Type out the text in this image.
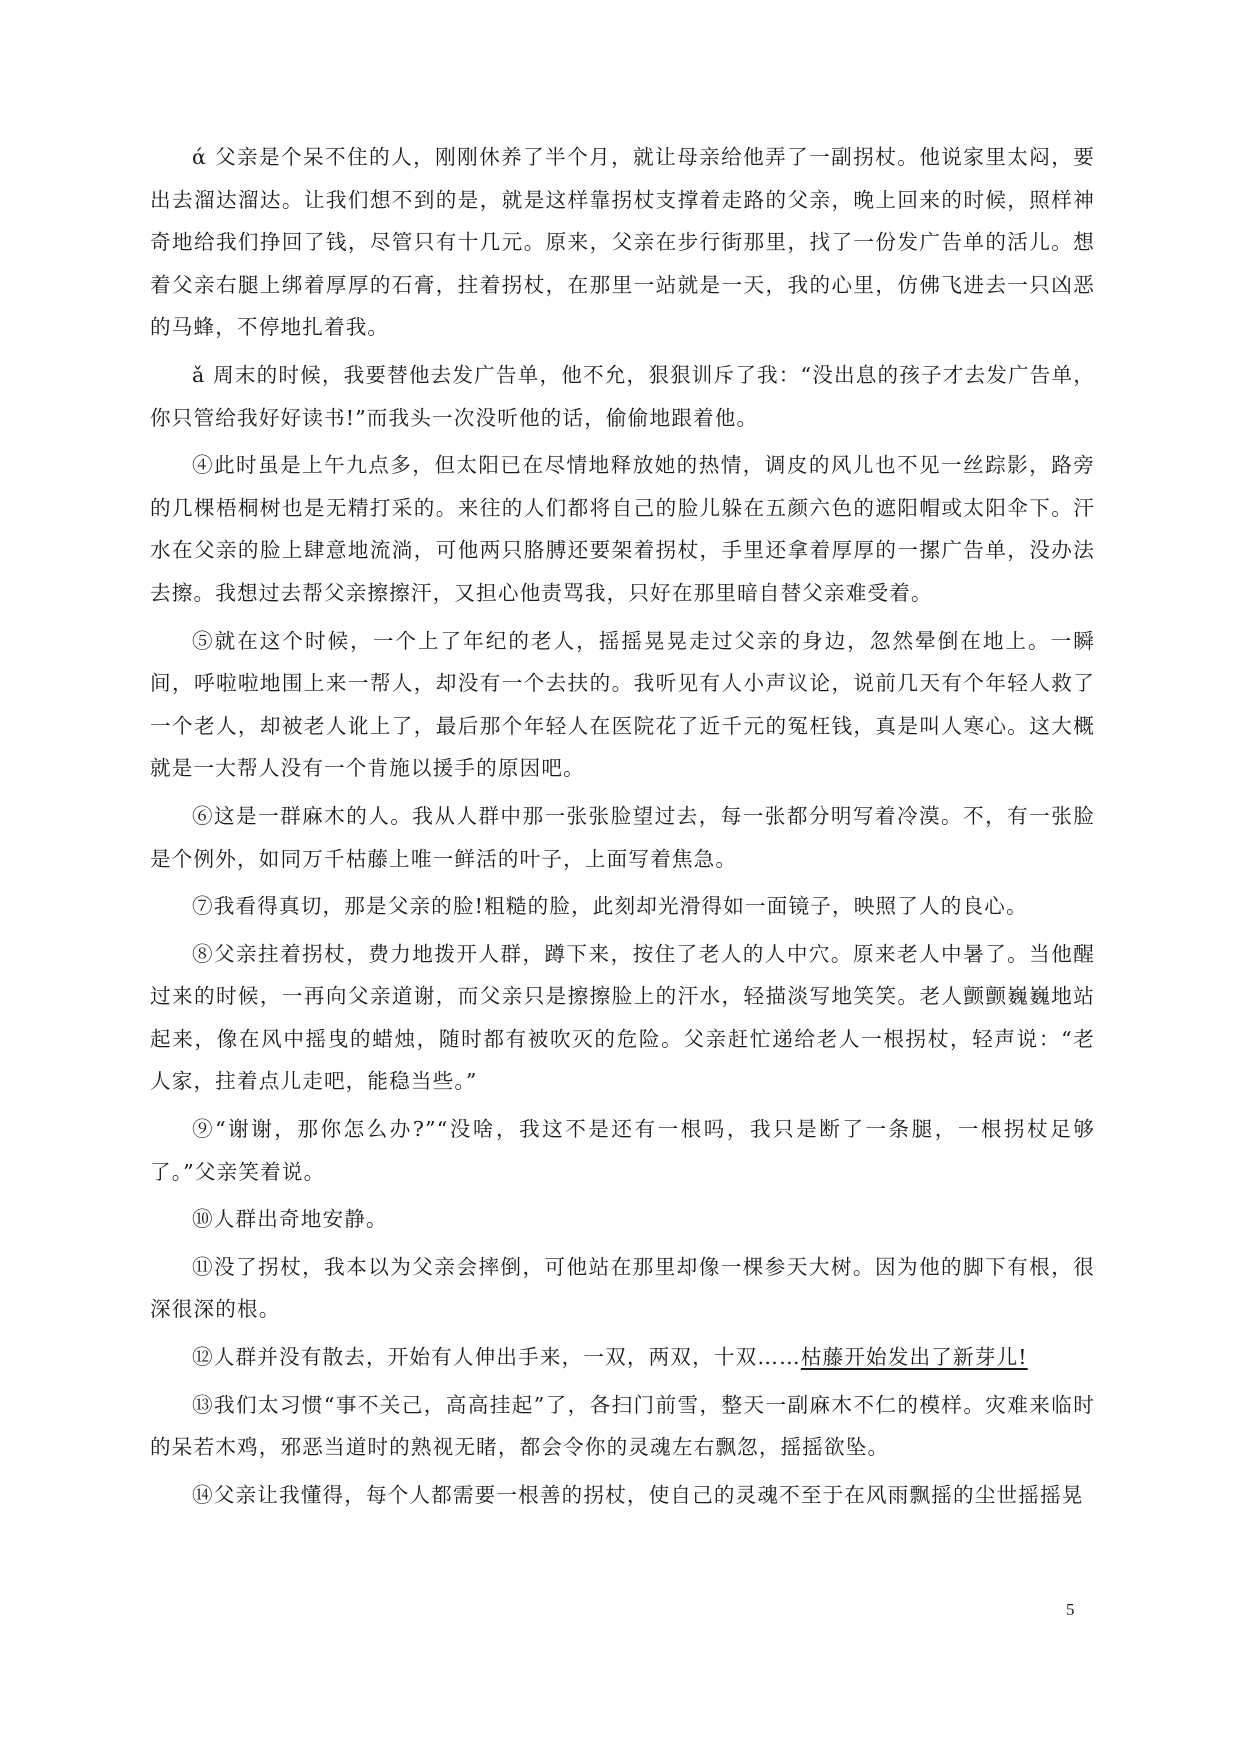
ά 父亲是个呆不住的人，刚刚休养了半个月，就让母亲给他弄了一副拐杖。他说家里太闷，要出去溜达溜达。让我们想不到的是，就是这样靠拐杖支撑着走路的父亲，晚上回来的时候，照样神奇地给我们挣回了钱，尽管只有十几元。原来，父亲在步行街那里，找了一份发广告单的活儿。想着父亲右腿上绑着厚厚的石膏，拄着拐杖，在那里一站就是一天，我的心里，仿佛飞进去一只凶恶的马蜂，不停地扎着我。

ǎ 周末的时候，我要替他去发广告单，他不允，狠狠训斥了我：“没出息的孩子才去发广告单，你只管给我好好读书!”而我头一次没听他的话，偷偷地跟着他。

④此时虽是上午九点多，但太阳已在尽情地释放她的热情，调皮的风儿也不见一丝踪影，路旁的几棵梧桐树也是无精打采的。来往的人们都将自己的脸儿躲在五颜六色的遮阳帽或太阳伞下。汗水在父亲的脸上肆意地流淌，可他两只胳膊还要架着拐杖，手里还拿着厚厚的一摞广告单，没办法去擦。我想过去帮父亲擦擦汗，又担心他责骂我，只好在那里暗自替父亲难受着。

⑤就在这个时候，一个上了年纪的老人，摇摇晃晃走过父亲的身边，忽然晕倒在地上。一瞬间，呼啦啦地围上来一帮人，却没有一个去扶的。我听见有人小声议论，说前几天有个年轻人救了一个老人，却被老人讹上了，最后那个年轻人在医院花了近千元的冤枉钱，真是叫人寒心。这大概就是一大帮人没有一个肯施以援手的原因吧。

⑥这是一群麻木的人。我从人群中那一张张脸望过去，每一张都分明写着冷漠。不，有一张脸是个例外，如同万千枯藤上唯一鲜活的叶子，上面写着焦急。

⑦我看得真切，那是父亲的脸!粗糙的脸，此刻却光滑得如一面镜子，映照了人的良心。

⑧父亲拄着拐杖，费力地拨开人群，蹲下来，按住了老人的人中穴。原来老人中暑了。当他醒过来的时候，一再向父亲道谢，而父亲只是擦擦脸上的汗水，轻描淡写地笑笑。老人颤颤巍巍地站起来，像在风中摇曳的蜡烛，随时都有被吹灭的危险。父亲赶忙递给老人一根拐杖，轻声说：“老人家，拄着点儿走吧，能稳当些。”

⑨“谢谢，那你怎么办?”“没啥，我这不是还有一根吗，我只是断了一条腿，一根拐杖足够了。”父亲笑着说。

⑩人群出奇地安静。

⑪没了拐杖，我本以为父亲会摔倒，可他站在那里却像一棵参天大树。因为他的脚下有根，很深很深的根。

⑫人群并没有散去，开始有人伸出手来，一双，两双，十双……枯藤开始发出了新芽儿!

⑬我们太习惯“事不关己，高高挂起”了，各扫门前雪，整天一副麻木不仁的模样。灾难来临时的呆若木鸡，邪恶当道时的熟视无睹，都会令你的灵魂左右飘忽，摇摇欲坠。

⑭父亲让我懂得，每个人都需要一根善的拐杖，使自己的灵魂不至于在风雨飘摇的尘世摇摇晃

5
